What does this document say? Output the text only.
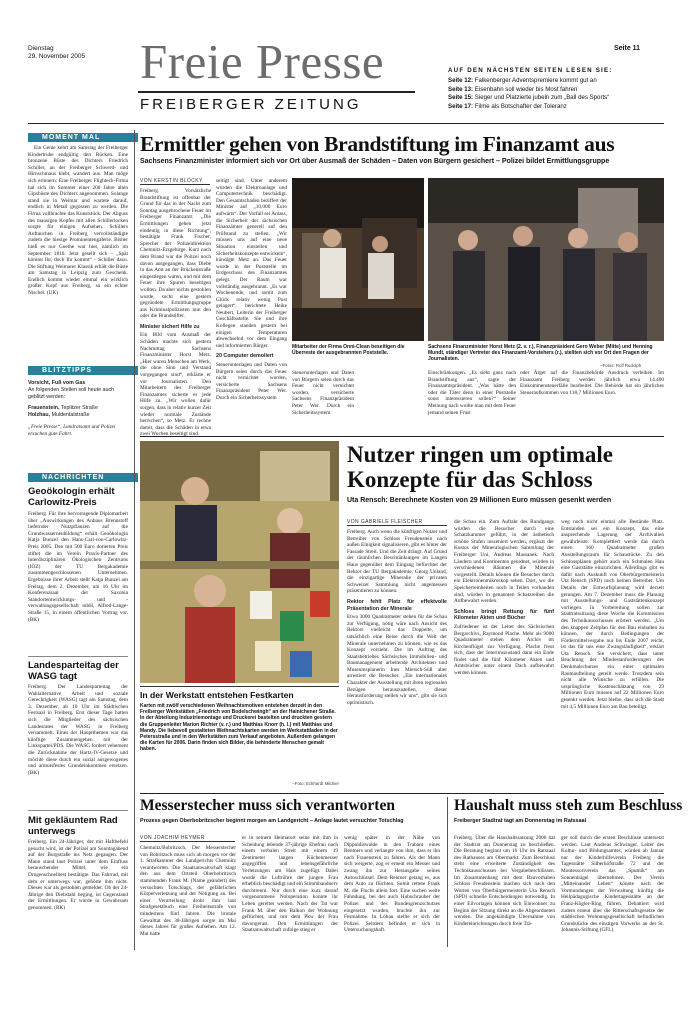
Dienstag
29. November 2005 Freie Presse
FREIBERGER ZEITUNG
Seite 11
AUF DEN NÄCHSTEN SEITEN LESEN SIE:
Seite 12: Falkenberger Adventspremiere kommt gut an
Seite 13: Eisenbahn soll wieder bis Most fahren
Seite 15: Sieger und Platzierte jubeln zum „Ball des Sports“
Seite 17: Filme als Botschafter der Toleranz
MOMENT MAL
Ein Genie kehrt am Samstag der Freiberger Kindertruhe endgültig den Rücken. Eine bronzene Büste des Dichters Friedrich Schiller, an der Freiberger Schwerd- und Hirnschmaus klebt, wandert aus. Man möge sich erinnern: Eine Freiberger Flightech-Firma hat sich im Sommer einer 200 Jahre alten Gipsbüste des Dichters angenommen. Solange stand sie in Weimar und wartete darauf, endlich in Metall gegossen zu werden. Die Firma vollbrachte das Kunststück. Der Abguss des mausigen Kopfes mit allen Schillerlocken sorgte für einigen Aufsehen. Schillers Auftauchen in Freiberg vervollständigte zudem die hiesige Prominentengalerie. Bisher hieß es nur Goethe war hier, nämlich im September 1810. Jetzt gesellt sich – „Spät kömmt Ihr, doch Ihr kommt“ – Schiller dazu. Die Stiftung Weimarer Klassik erhält die Büste am Samstag in Leipzig zum Geschenk. Endlich kommt wieder einmal ein wirklich großer Kopf aus Freiberg, so ein echter Nischel. (UK)
BLITZTIPPS
Vorsicht, Fuß vom Gas
An folgenden Stellen soll heute auch geblitzt werden:
Frauenstein, Teplitzer Straße
Holzhau, Muldentalstraße
„Freie Presse“, Landratsamt und Polizei ersuchen gute Fahrt.
NACHRICHTEN
Geoökologin erhält Carlowitz-Preis
Freiberg. Für ihre hervorragende Diplomarbeit über „Auswirkungen des Anbaus Brennstoff liefernder Nutzpflanzen auf die Grundwasserneubildung“ erhält Geoökologin Katja Bunzel den Hans-Carl-von-Carlowitz-Preis 2005. Den mit 500 Euro dotierten Preis stiftet die im Verein Praxis-Partner des Interdisziplinären Ökologischen Zentrums (IÖZ) der TU Bergakademie zusammengeschlossenen Unternehmen. Ergebnisse ihrer Arbeit stellt Katja Bunzel am Freitag, dem 2. Dezember, um 16 Uhr im Konferenzsaal der Saxonia Standortentwicklungs- und -verwaltungsgesellschaft mbH, Alfred-Lange-Straße 15, in einem öffentlichen Vortrag vor. (BK)
Landesparteitag der WASG tagt
Freiberg. Der Landesparteitag der Wahlalternative Arbeit und soziale Gerechtigkeit (WASG) tagt am Samstag, dem 3. Dezember, ab 10 Uhr im Städtischen Festsaal in Freiberg. Erst dieser Tage hatten sich die Mitglieder des sächsischen Landesrates der WASG in Freiberg versammelt. Eines der Hauptthemen war das künftige Zusammengehen mit der Linkspartei/PDS. Die WASG fordert vehement die Zurücknahme der Hartz-IV-Gesetze und möchte diese durch ein sozial ausgewogenes und armutsfestes Grundeinkommen ersetzen. (BK)
Mit gekläuntem Rad unterwegs
Freiberg. Ein 24-Jähriger, der mit Haftbefehl gesucht wird, ist der Polizei am Sonntagabend auf der Burgstraße ins Netz gegangen. Der Mann stand laut Polizei unter dem Einfluss berauschender Mittel, wie ein Drogenschnelltest bestätigte. Das Fahrrad, mit dem er unterwegs war, gehörte ihm nicht. Dieses war als gestohlen gemeldet. Ob der 24-Jährige den Diebstahl beging, ist Gegenstand der Ermittlungen. Er wurde in Gewahrsam genommen. (BK)
Ermittler gehen von Brandstiftung im Finanzamt aus
Sachsens Finanzminister informiert sich vor Ort über Ausmaß der Schäden – Daten von Bürgern gesichert – Polizei bildet Ermittlungsgruppe
VON KERSTIN BLÖCKY
Freiberg. Vorsätzliche Brandstiftung ist offenbar der Grund für das in der Nacht zum Sonntag ausgebrochene Feuer im Freiberger Finanzamt. „Die Ermittlungen gehen jetzt eindeutig in diese Richtung“, bestätigte Frank Fischer, Sprecher der Polizeidirektion Chemnitz-Erzgebirge. Kurz nach dem Brand war die Polizei noch davon ausgegangen, dass Diebe in das Amt an der Brückenstraße eingestiegen waren, und mit dem Feuer ihre Spuren beseitigen wollten. Da aber nichts gestohlen wurde, sucht eine gestern gegründete Ermittlungsgruppe aus Kriminalpolizisten nun den oder die Brandstifter.
Minister sichert Hilfe zu
Ein Bild vom Ausmaß der Schäden machte sich gestern Nachmittag Sachsens Finanzminister Horst Metz. „Hier waren Menschen am Werk, die ohne Sinn und Verstand vorgegangen sind“, erklärte er vor Journalisten. Den Mitarbeitern des Freiberger Finanzamtes sicherte er jede Hilfe zu. „Wir wollen dafür sorgen, dass in relativ kurzer Zeit wieder normale Zustände herrschen“, so Metz. Er rechne damit, dass die Schäden in etwa zwei Wochen beseitigt sind.
seitigt sind. Unter anderem wurden die Elektroanlage und Computertechnik beschädigt. Den Gesamtschaden beziffert der Minister auf „10.000 Euro aufwärts“. Der Vorfall sei Anlass, die Sicherheit der sächsischen Finanzämter generell auf den Prüfstand zu stellen. „Wir müssen uns auf eine neue Situation einstellen und Sicherheitskonzepte entwickeln“, kündigte Metz an. Das Feuer wurde in der Poststelle im Erdgeschoss des Finanzamtes gelegt. Der Raum war vollständig ausgebrannt. „Es war Wochenende, und somit zum Glück relativ wenig Post gelagert“, berichtete Heike Neubert, Leiterin der Freiberger Geschäftsstelle. Sie und ihre Kollegen standen gestern bei einigen Temperaturen abwechselnd vor dem Eingang und informierten Bürger.
20 Computer demoliert
Steuerunterlagen und Daten von Bürgern seien durch das Feuer nicht vernichtet worden, versicherte Sachsens Finanzpräsident Peter Wer. Durch ein Sicherheitssystem
Mitarbeiter der Firma Onni-Clean beseitigen die Überreste der ausgebrannten Poststelle.
Sachsens Finanzminister Horst Metz (2. v. r.), Finanzpräsident Gero Weber (Mitte) und Henning Mundt, ständiger Vertreter des Finanzamt-Vorstehers (r.), stellten sich vor Ort den Fragen der Journalisten.
–Fotos: Rolf Rudolph
Steuerunterlagen und Daten von Bürgern seien durch das Feuer nicht vernichtet worden, versicherte Sachsens Finanzpräsident Peter Wer. Durch ein Sicherheitssystem
Einschränkungen. „Es sieht ganz nach Brandstiftung aus“, sagte der Finanzamtspräsident. „Was hätte den oder die Täter denn in einer Poststelle sonst interessieren sollen?“ Seiner Meinung nach wollte man mit dem Feuer jemand seinen Frust
oder Ärger auf die Finanzbehörde Ausdruck verleihen. Im Finanzamt Freiberg werden jährlich etwa 14.400 Einkommensteuerfälle bearbeitet. Die Behörde hat ein jährliches Steueraufkommen von 118,7 Millionen Euro.
In der Werkstatt entstehen Festkarten
Karten mit zwölf verschiedenen Weihnachtsmotiven entstehen derzeit in den Freiberger Werkstätten „Friedrich von Bodelschwingh“ an der Hainichener Straße. In der Abteilung Industriemontage und Druckerei bastelten und druckten gestern die Gruppenleiter Marion Richter (v. r.) und Matthias Knorr (h. l.) mit Matthias und Mandy. Die liebevoll gestalteten Weihnachtskarten werden im Werkstattladen in der Petersstraße und in den Werkstätten zum Verkauf angeboten. Außerdem gelangen die Karten für 2006. Darin finden sich Bilder, die behinderte Menschen gemalt haben.
–Foto: Eckhardt Mildner
Nutzer ringen um optimale
Konzepte für das Schloss
Uta Rensch: Berechnete Kosten von 29 Millionen Euro müssen gesenkt werden
VON GABRIELE FLEISCHER
Freiberg. Auch wenn die künftigen Nutzer und Betreiber von Schloss Freudenstein nach außen Einigkeit signalisieren, gibt es hinter der Fassade Streit. Und die Zeit drängt. Auf Grund der räumlichen Beschränkungen im Langen Haus gegenüber dem Eingang befürchtet der Rektor der TU Bergakademie, Georg Unland, die einzigartige Mineralie der privaten Schweizer Sammlung nicht angemessen präsentieren zu können.
Rektor fehlt Platz für effektvolle Präsentation der Minerale
Etwa 3000 Quadratmeter stehen für die Schau zur Verfügung, nötig wäre nach Ansicht des Rektors vielleicht das Doppelte, um tatsächlich eine Reise durch die Welt der Minerale unternehmen zu können, wie es das Konzept vorsieht. Die im Auftrag des Staatsbetriebes Sächsisches Immobilien- und Baumanagement arbeitende Architekten und Museumsplanerin Ines Miersch-Süß aber arrestiert die Besucher. „Ein internationales Charakter der Ausstellung mit ihren regionalen Bezügen herauszustellen, dieser Herausforderung stellen wir uns“, gibt sie sich optimistisch.
die Schau ein. Zum Auftakt des Rundgangs würden die Besucher durch eine Schatzkammer geführt, in der ästhetisch schöne Stufen inszeniert werden, ergänzt der Kustos der Mineralogischen Sammlung der Freiberger Uni, Andreas Massanek. Nach Ländern und Kontinenten geordnet, würden in verschiedenen Räumen die Minerale vorgestellt. Details können die Besucher durch ein Elektronenmikroskop sehen. Dort, wo die Speicherreinheiten noch in Teilen vorhanden sind, würden in genannten Schatzreihen die Aufbewahrt werden.
Schloss bringt Rettung für fünf Kilometer Akten und Bücher
Zufriedener ist der Leiter des Sächsischen Bergarchivs, Raymond Plache. Mehr als 9000 Quadratmeter stehen dem Archiv im Kirchenflügel zur Verfügung. Plache freut sich, dass der Interimszustand dann ein Ende findet und die fünf Kilometer Akten und Amtsbücher unter einem Dach aufbewahrt werden können.
weg noch nicht einmal alle Bestände Platz. Entstanden sei ein Konzept, das eine ansprechende Lagerung der Archivalien gewährleiste. Komplettiert werde das durch einen 160 Quadratmeter großen Ausstellungsraum für Schaustücke. Zu den Schlossplänen gehört auch ein Schmalen Hau eine Gaststätte einzurichten. Allerdings gibt es dafür nach Auskunft von Oberbürgermeisterin Uta Rensch (SPD) noch keinen Betreiber. Um Details der Entwurfsplanung wird derzeit gerungen. Am 7. Dezember muss die Planung mit Ausstellungs- und Gaststättenkonzept vorliegen. In Vorbereitung sollen zur Stadtratssitzung diese Woche die Kommission des Technikausschusses erörtert werden. „Um den knappen Zeitplan für den Bau einhalten zu können, der durch Bedingungen der Fördermittelvergabe nur bis Ende 2007 reicht, ist das für uns eine Zwangsläufigkeit“, erklärt Uta Rensch. Sie versichert, dass unter Beachtung der Mindestanforderungen des Denkmalschutzes ein einer optimalen Raumaufteilung geteilt werde. Trotzdem sein nicht alle Wünsche zu erfüllen. Die ursprüngliche Kostenschätzung von 29 Millionen Euro müssen auf 22 Millionen Euro gesenkt werden. Jetzt bleibe, dass sich die Stadt mit 4,5 Millionen Euro am Bau beteiligt.
Messerstecher muss sich verantworten
Prozess gegen Oberbobritzscher beginnt morgen am Landgericht – Anlage lautet versuchter Totschlag
VON JOACHIM HEYMER
Chemnitz/Bobritzsch. Der Messerstecher von Bobritzsch muss sich ab morgen vor der 1. Strafkammer des Landgerichts Chemnitz verantworten. Die Staatsanwaltschaft klagt den aus dem Ortsteil Oberbobritzsch stammenden Frank M. (Name geändert) des versuchten Totschlags, der gefährlichen Körperverletzung und der Nötigung an. Bei einer Verurteilung droht ihm laut Strafgesetzbuch eine Freiheitsstrafe von mindestens fünf Jahren. Die brutale Gewalttat des 38-Jährigen sorgte im Mai dieses Jahres für großes Aufsehen. Am 12. Mai hatte
er in seinem Heimatort seine mit ihm in Scheidung lebende 37-jährige Ehefrau nach einem verbalen Streit mit einem 19 Zentimeter langen Küchenmesser angegriffen und lebensgefährliche Verletzungen am Hals zugefügt. Dabei wurde die Luftröhre der jungen Frau erheblich beschädigt und ein Stimmbandnerv durchtrennt. Nur durch eine kurz darauf vorgenommene Notoperation konnte ihr Leben gerettet werden. Nach der Tat war Frank M. über den Balkon der Wohnung geflüchtet, und mit dem Pkw der Frau davongerast. Den Ermittlungen der Staatsanwaltschaft zufolge stieg er
wenig später in der Nähe von Dippoldiswalde in den Trabant eines Rentners und verlangte von ihm, dass er ihn nach Frauenstein zu fahren. Als der Mann sich weigerte, zog er erneut ein Messer und zwang ihn zur Herausgabe seines Autoschlüssel. Dem Rentner gelang es, aus dem Auto zu flüchten. Somit rettete Frank M. die Flucht allein fort. Eine suchen weite Fahndung, bei der auch Hubschrauber der Polizei und des Bundesgrenzschutzes eingesetzt wurden, brachte ihn zur Festnahme. In Löbau stellte er sich der Polizei. Seitdem befindet er sich in Untersuchungshaft.
Haushalt muss steh zum Beschluss
Freiberger Stadtrat tagt am Donnerstag im Ratssaal
Freiberg. Über die Haushaltssatzung 2006 hat der Stadtrat am Donnerstag zu beschließen. Die Beratung beginnt um 16 Uhr im Ratssaal des Rathauses am Obermarkt. Zum Beschluss steht eine erweiterte Zuständigkeit des Technikausschusses bei Vergabebeschlüssen. Im Zusammenhang mit dem Bauvorhaben Schloss Freudenstein machen sich nach den Worten von Oberbürgermeisterin Uta Rensch (SPD) schnelle Entscheidungen notwendig. In einer Eilvorlagen können sich Einwohner zu Beginn der Sitzung direkt an die Abgeordneten wenden. Die angekündigte Übernahme von Kindereinrichtungen durch freie Trä-
ger soll durch die ersten Beschlüsse untersetzt werden. Laut Andreas Schwinger, Leiter des Kultur- und Bildungsamtes, würden ab Januar nur der Kinderhilfeverein Freiberg die Tagesstätte Silberhöfstraße 72 und der Montessoriverein das „Sputnik“ am Sonnenhügel übernehmen. Der Verein „Mitteinander Leben“ könnte nach der Vormundungen der Verwaltung künftig die Heilpädagogische Kindertagesstätte an der Franz-Kögler-Ring führen. Debattiert wird zudem erneut über die Ritterschaftsgesetze der städtischen Wohnungsgesellschaft befindlichen Grundstücke des einstigen Vorwerks an der St. Johannis-Stiftung (GFL).
